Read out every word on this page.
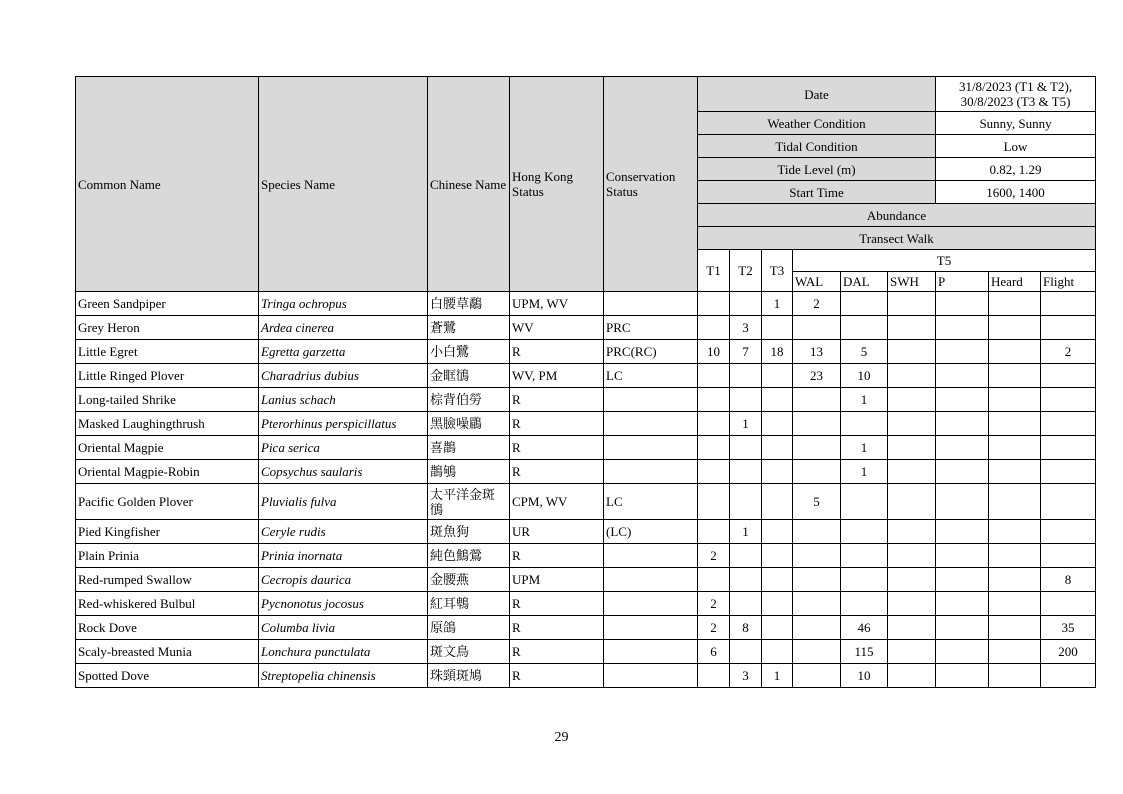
Common Name	Species Name	Chinese Name	Hong Kong Status	Conservation Status	Date						31/8/2023 (T1 & T2), 30/8/2023 (T3 & T5)		
					Weather Condition						Sunny, Sunny		
					Tidal Condition						Low		
					Tide Level (m)						0.82, 1.29		
					Start Time						1600, 1400		
					Abundance								
					Transect Walk								
					T1	T2	T3	T5					
								WAL	DAL	SWH	P	Heard	Flight
Green Sandpiper	Tringa ochropus	白腰草鷸	UPM, WV				1	2					
Grey Heron	Ardea cinerea	蒼鷺	WV	PRC		3							
Little Egret	Egretta garzetta	小白鷺	R	PRC(RC)	10	7	18	13	5				2
Little Ringed Plover	Charadrius dubius	金眶鴴	WV, PM	LC				23	10				
Long-tailed Shrike	Lanius schach	棕背伯勞	R						1				
Masked Laughingthrush	Pterorhinus perspicillatus	黑臉噪鶥	R			1							
Oriental Magpie	Pica serica	喜鵲	R						1				
Oriental Magpie-Robin	Copsychus saularis	鵲鴝	R						1				
Pacific Golden Plover	Pluvialis fulva	太平洋金斑鴴	CPM, WV	LC				5					
Pied Kingfisher	Ceryle rudis	斑魚狗	UR	(LC)		1							
Plain Prinia	Prinia inornata	純色鷦鶯	R		2								
Red-rumped Swallow	Cecropis daurica	金腰燕	UPM										8
Red-whiskered Bulbul	Pycnonotus jocosus	紅耳鵯	R		2								
Rock Dove	Columba livia	原鴿	R		2	8			46				35
Scaly-breasted Munia	Lonchura punctulata	斑文鳥	R		6				115				200
Spotted Dove	Streptopelia chinensis	珠頸斑鳩	R			3	1		10				
29
